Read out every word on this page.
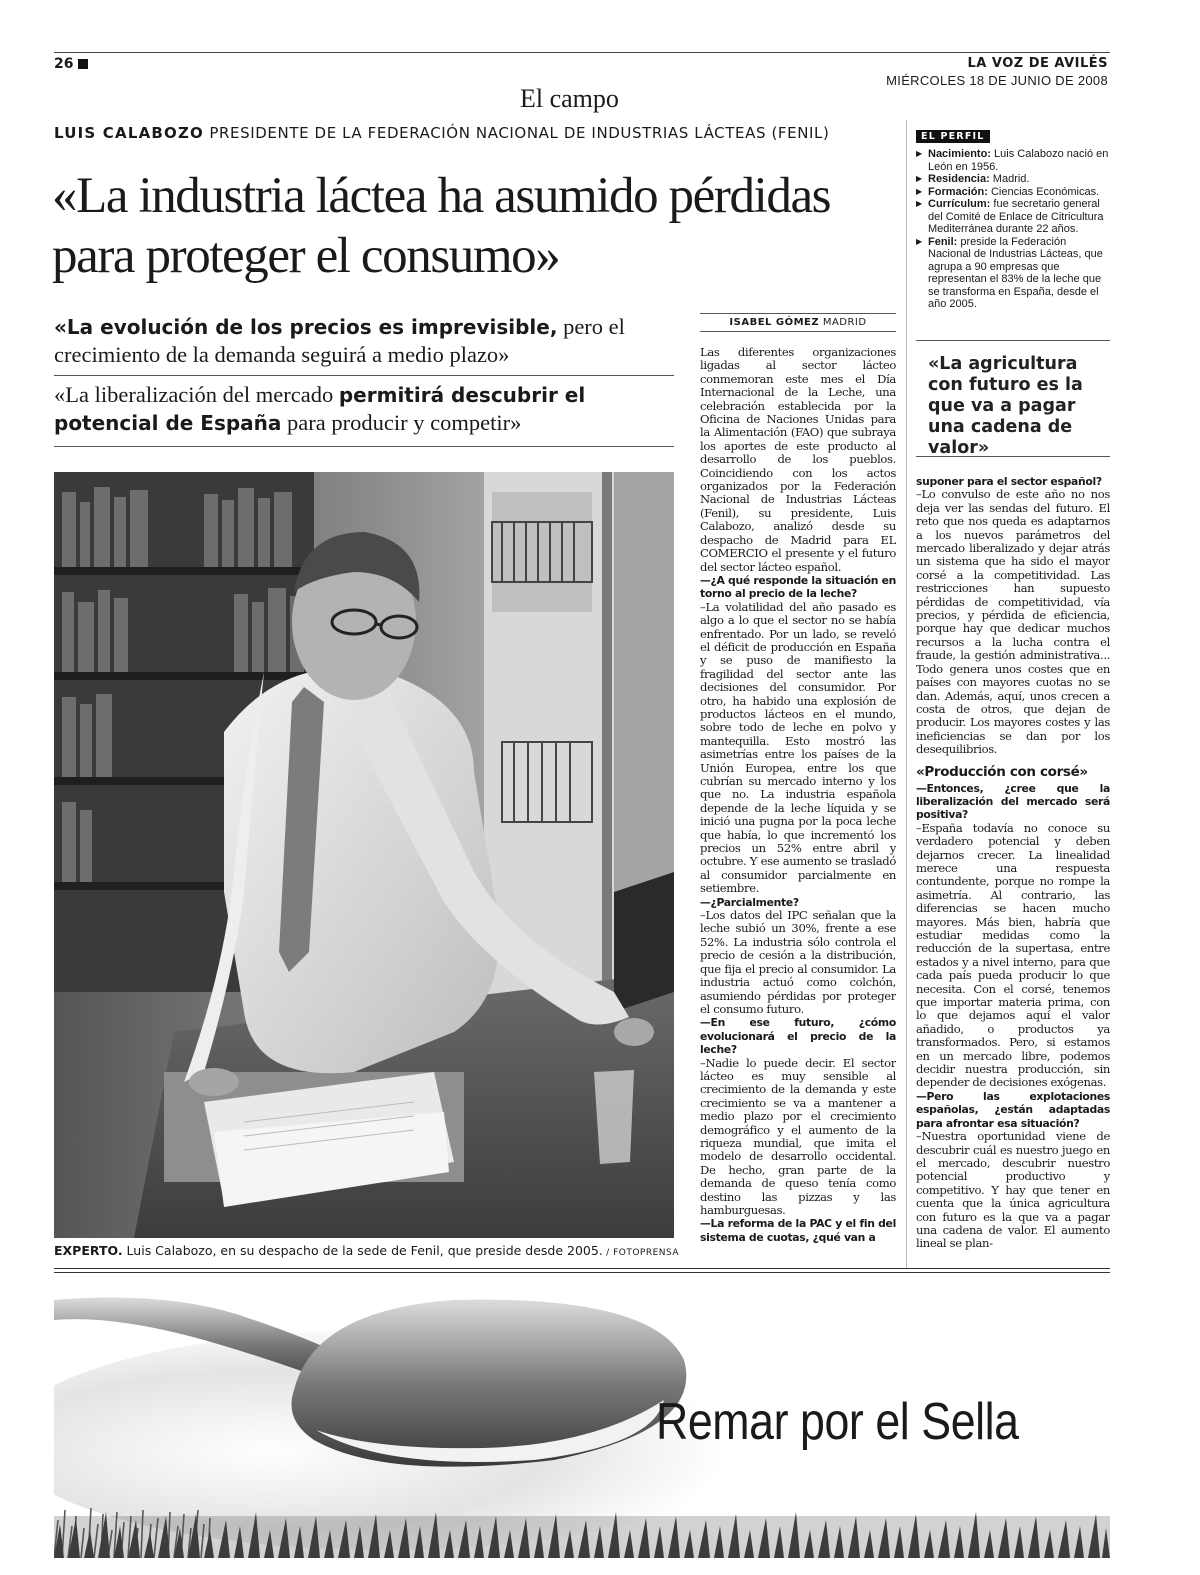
26	LA VOZ DE AVILÉS
MIÉRCOLES 18 DE JUNIO DE 2008
El campo
LUIS CALABOZO PRESIDENTE DE LA FEDERACIÓN NACIONAL DE INDUSTRIAS LÁCTEAS (FENIL)
«La industria láctea ha asumido pérdidas para proteger el consumo»
«La evolución de los precios es imprevisible, pero el crecimiento de la demanda seguirá a medio plazo»
«La liberalización del mercado permitirá descubrir el potencial de España para producir y competir»
EXPERTO. Luis Calabozo, en su despacho de la sede de Fenil, que preside desde 2005. / FOTOPRENSA
ISABEL GÓMEZ MADRID

Las diferentes organizaciones ligadas al sector lácteo conmemoran este mes el Día Internacional de la Leche, una celebración establecida por la Oficina de Naciones Unidas para la Alimentación (FAO) que subraya los aportes de este producto al desarrollo de los pueblos. Coincidiendo con los actos organizados por la Federación Nacional de Industrias Lácteas (Fenil), su presidente, Luis Calabozo, analizó desde su despacho de Madrid para EL COMERCIO el presente y el futuro del sector lácteo español.

—¿A qué responde la situación en torno al precio de la leche?

–La volatilidad del año pasado es algo a lo que el sector no se había enfrentado. Por un lado, se reveló el déficit de producción en España y se puso de manifiesto la fragilidad del sector ante las decisiones del consumidor. Por otro, ha habido una explosión de productos lácteos en el mundo, sobre todo de leche en polvo y mantequilla. Esto mostró las asimetrías entre los países de la Unión Europea, entre los que cubrían su mercado interno y los que no. La industria española depende de la leche líquida y se inició una pugna por la poca leche que había, lo que incrementó los precios un 52% entre abril y octubre. Y ese aumento se trasladó al consumidor parcialmente en setiembre.

—¿Parcialmente?

–Los datos del IPC señalan que la leche subió un 30%, frente a ese 52%. La industria sólo controla el precio de cesión a la distribución, que fija el precio al consumidor. La industria actuó como colchón, asumiendo pérdidas por proteger el consumo futuro.

—En ese futuro, ¿cómo evolucionará el precio de la leche?

–Nadie lo puede decir. El sector lácteo es muy sensible al crecimiento de la demanda y este crecimiento se va a mantener a medio plazo por el crecimiento demográfico y el aumento de la riqueza mundial, que imita el modelo de desarrollo occidental. De hecho, gran parte de la demanda de queso tenía como destino las pizzas y las hamburguesas.

—La reforma de la PAC y el fin del sistema de cuotas, ¿qué van a

EL PERFIL
▶ Nacimiento: Luis Calabozo nació en León en 1956.
▶ Residencia: Madrid.
▶ Formación: Ciencias Económicas.
▶ Currículum: fue secretario general del Comité de Enlace de Citricultura Mediterránea durante 22 años.
▶ Fenil: preside la Federación Nacional de Industrias Lácteas, que agrupa a 90 empresas que representan el 83% de la leche que se transforma en España, desde el año 2005.
«La agricultura con futuro es la que va a pagar una cadena de valor»

suponer para el sector español?

–Lo convulso de este año no nos deja ver las sendas del futuro. El reto que nos queda es adaptarnos a los nuevos parámetros del mercado liberalizado y dejar atrás un sistema que ha sido el mayor corsé a la competitividad. Las restricciones han supuesto pérdidas de competitividad, vía precios, y pérdida de eficiencia, porque hay que dedicar muchos recursos a la lucha contra el fraude, la gestión administrativa... Todo genera unos costes que en países con mayores cuotas no se dan. Además, aquí, unos crecen a costa de otros, que dejan de producir. Los mayores costes y las ineficiencias se dan por los desequilibrios.

«Producción con corsé»

—Entonces, ¿cree que la liberalización del mercado será positiva?

–España todavía no conoce su verdadero potencial y deben dejarnos crecer. La linealidad merece una respuesta contundente, porque no rompe la asimetría. Al contrario, las diferencias se hacen mucho mayores. Más bien, habría que estudiar medidas como la reducción de la supertasa, entre estados y a nivel interno, para que cada país pueda producir lo que necesita. Con el corsé, tenemos que importar materia prima, con lo que dejamos aquí el valor añadido, o productos ya transformados. Pero, si estamos en un mercado libre, podemos decidir nuestra producción, sin depender de decisiones exógenas.

—Pero las explotaciones españolas, ¿están adaptadas para afrontar esa situación?

–Nuestra oportunidad viene de descubrir cuál es nuestro juego en el mercado, descubrir nuestro potencial productivo y competitivo. Y hay que tener en cuenta que la única agricultura con futuro es la que va a pagar una cadena de valor. El aumento lineal se plan-

Remar por el Sella
